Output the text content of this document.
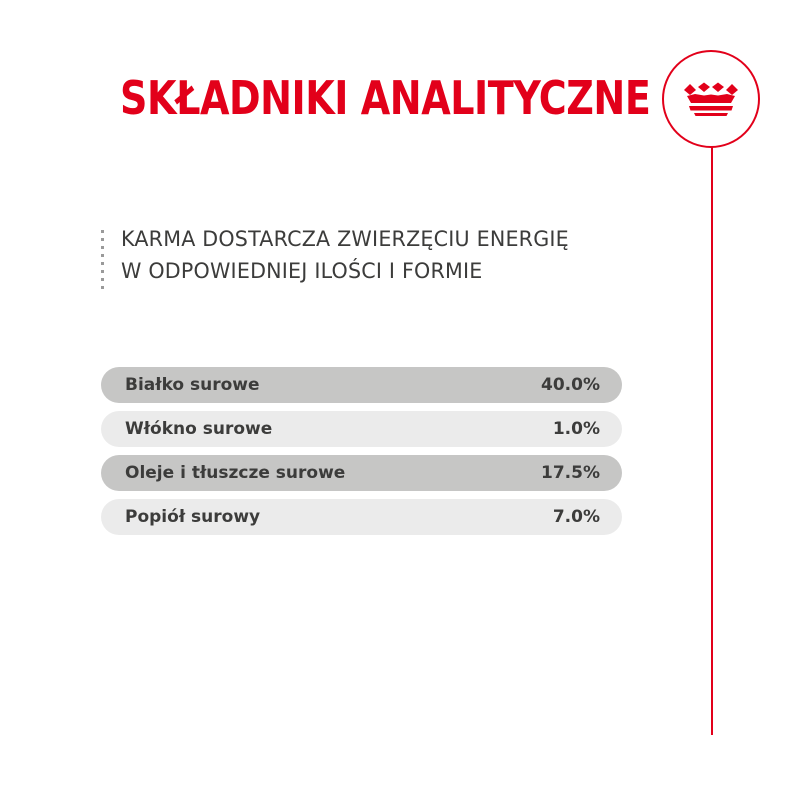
SKŁADNIKI ANALITYCZNE
KARMA DOSTARCZA ZWIERZĘCIU ENERGIĘ
W ODPOWIEDNIEJ ILOŚCI I FORMIE
Białko surowe	40.0%
Włókno surowe	1.0%
Oleje i tłuszcze surowe	17.5%
Popiół surowy	7.0%
